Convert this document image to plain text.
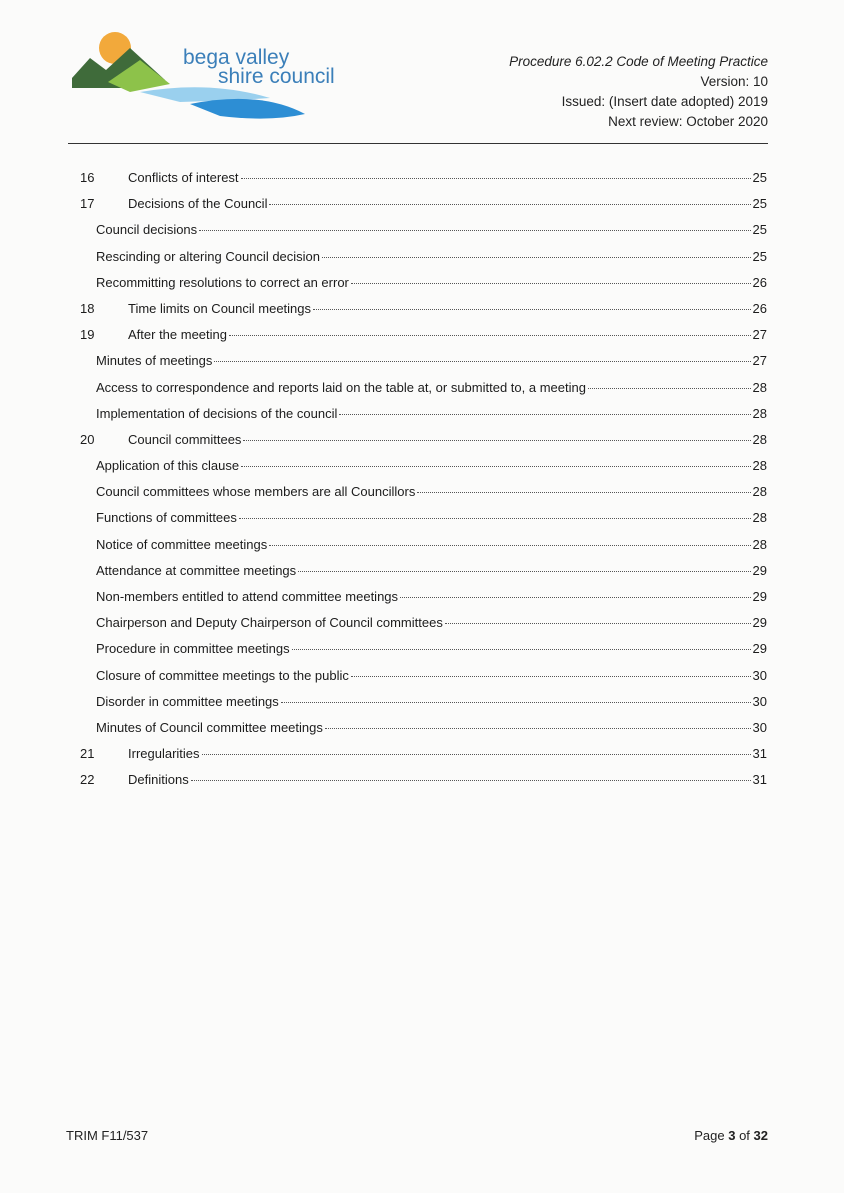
bega valley
shire council
Procedure 6.02.2 Code of Meeting Practice
Version: 10
Issued: (Insert date adopted) 2019
Next review: October 2020
16	Conflicts of interest	25
17	Decisions of the Council	25
Council decisions	25
Rescinding or altering Council decision	25
Recommitting resolutions to correct an error	26
18	Time limits on Council meetings	26
19	After the meeting	27
Minutes of meetings	27
Access to correspondence and reports laid on the table at, or submitted to, a meeting	28
Implementation of decisions of the council	28
20	Council committees	28
Application of this clause	28
Council committees whose members are all Councillors	28
Functions of committees	28
Notice of committee meetings	28
Attendance at committee meetings	29
Non-members entitled to attend committee meetings	29
Chairperson and Deputy Chairperson of Council committees	29
Procedure in committee meetings	29
Closure of committee meetings to the public	30
Disorder in committee meetings	30
Minutes of Council committee meetings	30
21	Irregularities	31
22	Definitions	31
TRIM F11/537	Page 3 of 32
